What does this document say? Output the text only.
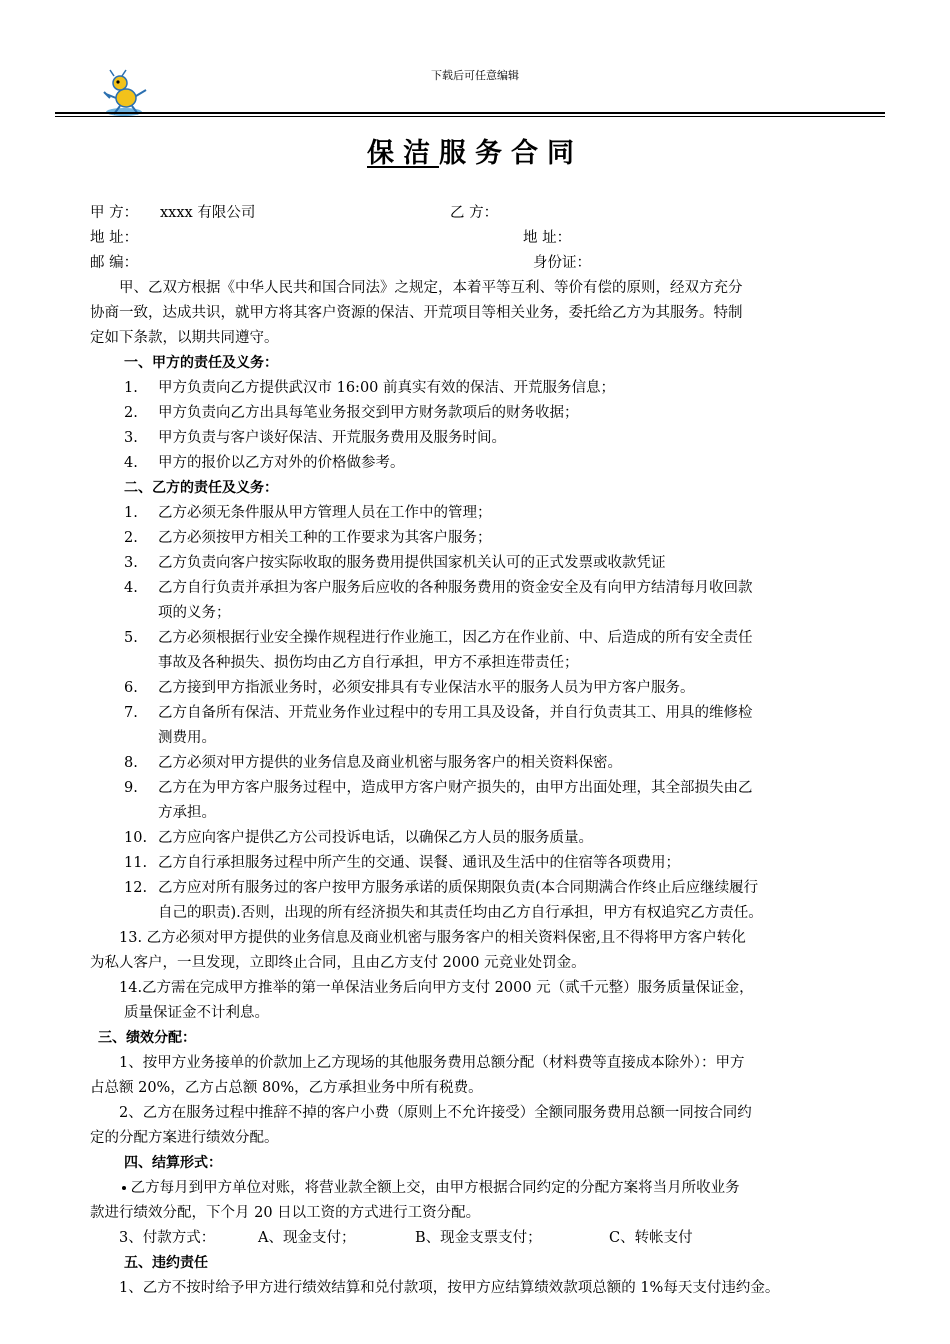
下载后可任意编辑
保洁服务合同
甲 方： xxxx 有限公司	乙 方：
地 址：	地 址：
邮 编：	身份证：
甲、乙双方根据《中华人民共和国合同法》之规定，本着平等互利、等价有偿的原则，经双方充分
协商一致，达成共识，就甲方将其客户资源的保洁、开荒项目等相关业务，委托给乙方为其服务。特制
定如下条款，以期共同遵守。
一、甲方的责任及义务：
1. 甲方负责向乙方提供武汉市 16:00 前真实有效的保洁、开荒服务信息；
2. 甲方负责向乙方出具每笔业务报交到甲方财务款项后的财务收据；
3. 甲方负责与客户谈好保洁、开荒服务费用及服务时间。
4. 甲方的报价以乙方对外的价格做参考。
二、乙方的责任及义务：
1. 乙方必须无条件服从甲方管理人员在工作中的管理；
2. 乙方必须按甲方相关工种的工作要求为其客户服务；
3. 乙方负责向客户按实际收取的服务费用提供国家机关认可的正式发票或收款凭证
4. 乙方自行负责并承担为客户服务后应收的各种服务费用的资金安全及有向甲方结清每月收回款
项的义务；
5. 乙方必须根据行业安全操作规程进行作业施工，因乙方在作业前、中、后造成的所有安全责任
事故及各种损失、损伤均由乙方自行承担，甲方不承担连带责任；
6. 乙方接到甲方指派业务时，必须安排具有专业保洁水平的服务人员为甲方客户服务。
7. 乙方自备所有保洁、开荒业务作业过程中的专用工具及设备，并自行负责其工、用具的维修检
测费用。
8. 乙方必须对甲方提供的业务信息及商业机密与服务客户的相关资料保密。
9. 乙方在为甲方客户服务过程中，造成甲方客户财产损失的，由甲方出面处理，其全部损失由乙
方承担。
10. 乙方应向客户提供乙方公司投诉电话，以确保乙方人员的服务质量。
11. 乙方自行承担服务过程中所产生的交通、误餐、通讯及生活中的住宿等各项费用；
12. 乙方应对所有服务过的客户按甲方服务承诺的质保期限负责(本合同期满合作终止后应继续履行
自己的职责).否则，出现的所有经济损失和其责任均由乙方自行承担，甲方有权追究乙方责任。
13. 乙方必须对甲方提供的业务信息及商业机密与服务客户的相关资料保密,且不得将甲方客户转化
为私人客户，一旦发现，立即终止合同，且由乙方支付 2000 元竞业处罚金。
14.乙方需在完成甲方推举的第一单保洁业务后向甲方支付 2000 元（贰千元整）服务质量保证金，
质量保证金不计利息。
三、绩效分配：
1、按甲方业务接单的价款加上乙方现场的其他服务费用总额分配（材料费等直接成本除外）：甲方
占总额 20%，乙方占总额 80%，乙方承担业务中所有税费。
2、乙方在服务过程中推辞不掉的客户小费（原则上不允许接受）全额同服务费用总额一同按合同约
定的分配方案进行绩效分配。
四、结算形式：
乙方每月到甲方单位对账，将营业款全额上交，由甲方根据合同约定的分配方案将当月所收业务
款进行绩效分配，下个月 20 日以工资的方式进行工资分配。
3、付款方式：	A、现金支付；	B、现金支票支付；	C、转帐支付
五、违约责任
1、乙方不按时给予甲方进行绩效结算和兑付款项，按甲方应结算绩效款项总额的 1%每天支付违约金。
